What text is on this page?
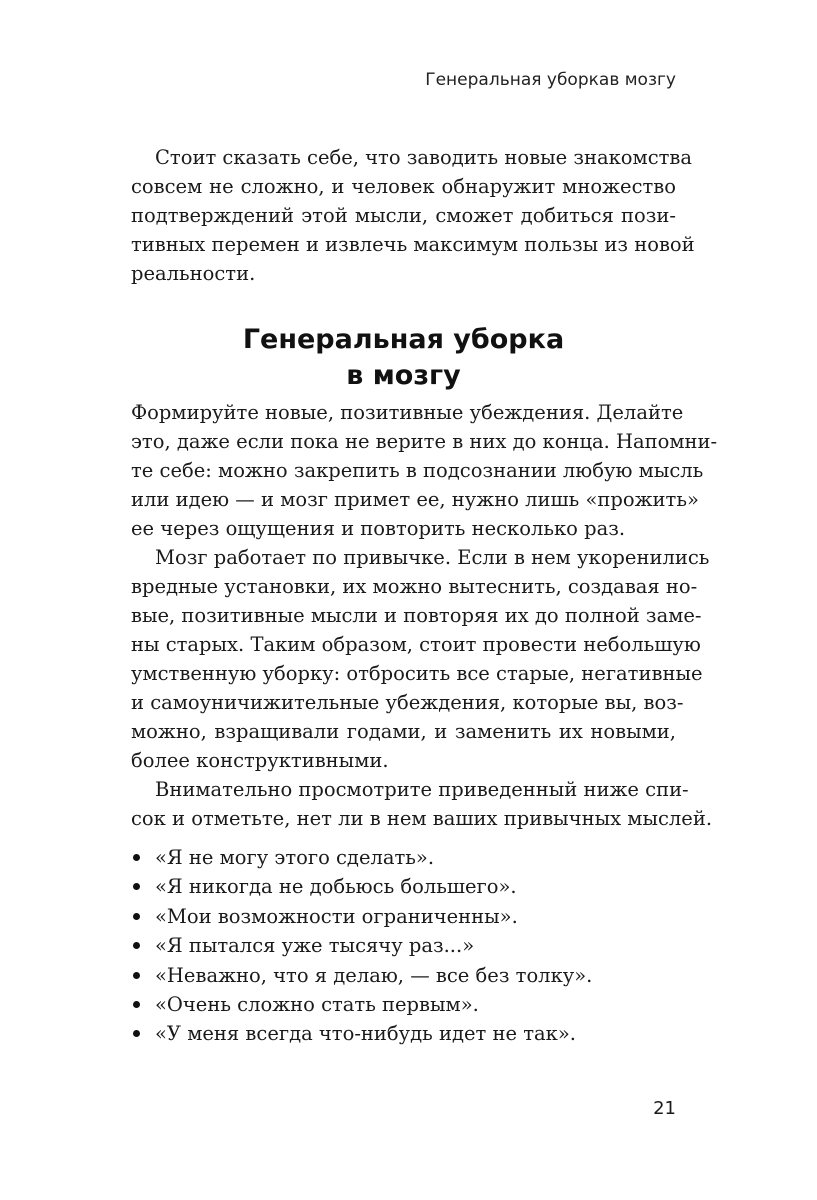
Генеральная уборкав мозгу
Стоит сказать себе, что заводить новые знакомства
совсем не сложно, и человек обнаружит множество
подтверждений этой мысли, сможет добиться пози-
тивных перемен и извлечь максимум пользы из новой
реальности.
Генеральная уборка
в мозгу
Формируйте новые, позитивные убеждения. Делайте
это, даже если пока не верите в них до конца. Напомни-
те себе: можно закрепить в подсознании любую мысль
или идею — и мозг примет ее, нужно лишь «прожить»
ее через ощущения и повторить несколько раз.
Мозг работает по привычке. Если в нем укоренились
вредные установки, их можно вытеснить, создавая но-
вые, позитивные мысли и повторяя их до полной заме-
ны старых. Таким образом, стоит провести небольшую
умственную уборку: отбросить все старые, негативные
и самоуничижительные убеждения, которые вы, воз-
можно, взращивали годами, и заменить их новыми,
более конструктивными.
Внимательно просмотрите приведенный ниже спи-
сок и отметьте, нет ли в нем ваших привычных мыслей.
«Я не могу этого сделать».
«Я никогда не добьюсь большего».
«Мои возможности ограниченны».
«Я пытался уже тысячу раз...»
«Неважно, что я делаю, — все без толку».
«Очень сложно стать первым».
«У меня всегда что-нибудь идет не так».
21
